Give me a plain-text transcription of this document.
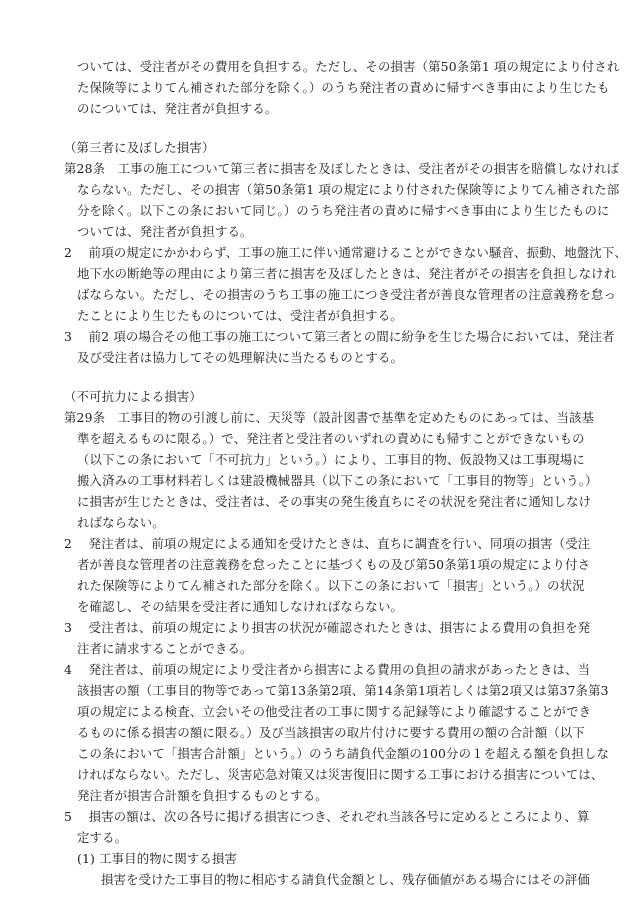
ついては、受注者がその費用を負担する。ただし、その損害（第50条第1 項の規定により付され
た保険等によりてん補された部分を除く。）のうち発注者の責めに帰すべき事由により生じたも
のについては、発注者が負担する。
（第三者に及ぼした損害）
第28条　工事の施工について第三者に損害を及ぼしたときは、受注者がその損害を賠償しなければ
ならない。ただし、その損害（第50条第1 項の規定により付された保険等によりてん補された部
分を除く。以下この条において同じ。）のうち発注者の責めに帰すべき事由により生じたものに
ついては、発注者が負担する。
2　 前項の規定にかかわらず、工事の施工に伴い通常避けることができない騒音、振動、地盤沈下、
地下水の断絶等の理由により第三者に損害を及ぼしたときは、発注者がその損害を負担しなけれ
ばならない。ただし、その損害のうち工事の施工につき受注者が善良な管理者の注意義務を怠っ
たことにより生じたものについては、受注者が負担する。
3　 前2 項の場合その他工事の施工について第三者との間に紛争を生じた場合においては、発注者
及び受注者は協力してその処理解決に当たるものとする。
（不可抗力による損害）
第29条　工事目的物の引渡し前に、天災等（設計図書で基準を定めたものにあっては、当該基
準を超えるものに限る。）で、発注者と受注者のいずれの責めにも帰すことができないもの
（以下この条において「不可抗力」という。）により、工事目的物、仮設物又は工事現場に
搬入済みの工事材料若しくは建設機械器具（以下この条において「工事目的物等」という。）
に損害が生じたときは、受注者は、その事実の発生後直ちにその状況を発注者に通知しなけ
ればならない。
2　 発注者は、前項の規定による通知を受けたときは、直ちに調査を行い、同項の損害（受注
者が善良な管理者の注意義務を怠ったことに基づくもの及び第50条第1項の規定により付さ
れた保険等によりてん補された部分を除く。以下この条において「損害」という。）の状況
を確認し、その結果を受注者に通知しなければならない。
3　 受注者は、前項の規定により損害の状況が確認されたときは、損害による費用の負担を発
注者に請求することができる。
4　 発注者は、前項の規定により受注者から損害による費用の負担の請求があったときは、当
該損害の額（工事目的物等であって第13条第2項、第14条第1項若しくは第2項又は第37条第3
項の規定による検査、立会いその他受注者の工事に関する記録等により確認することができ
るものに係る損害の額に限る。）及び当該損害の取片付けに要する費用の額の合計額（以下
この条において「損害合計額」という。）のうち請負代金額の100分の１を超える額を負担しな
ければならない。ただし、災害応急対策又は災害復旧に関する工事における損害については、
発注者が損害合計額を負担するものとする。
5　 損害の額は、次の各号に掲げる損害につき、それぞれ当該各号に定めるところにより、算
定する。
(1) 工事目的物に関する損害
損害を受けた工事目的物に相応する請負代金額とし、残存価値がある場合にはその評価
